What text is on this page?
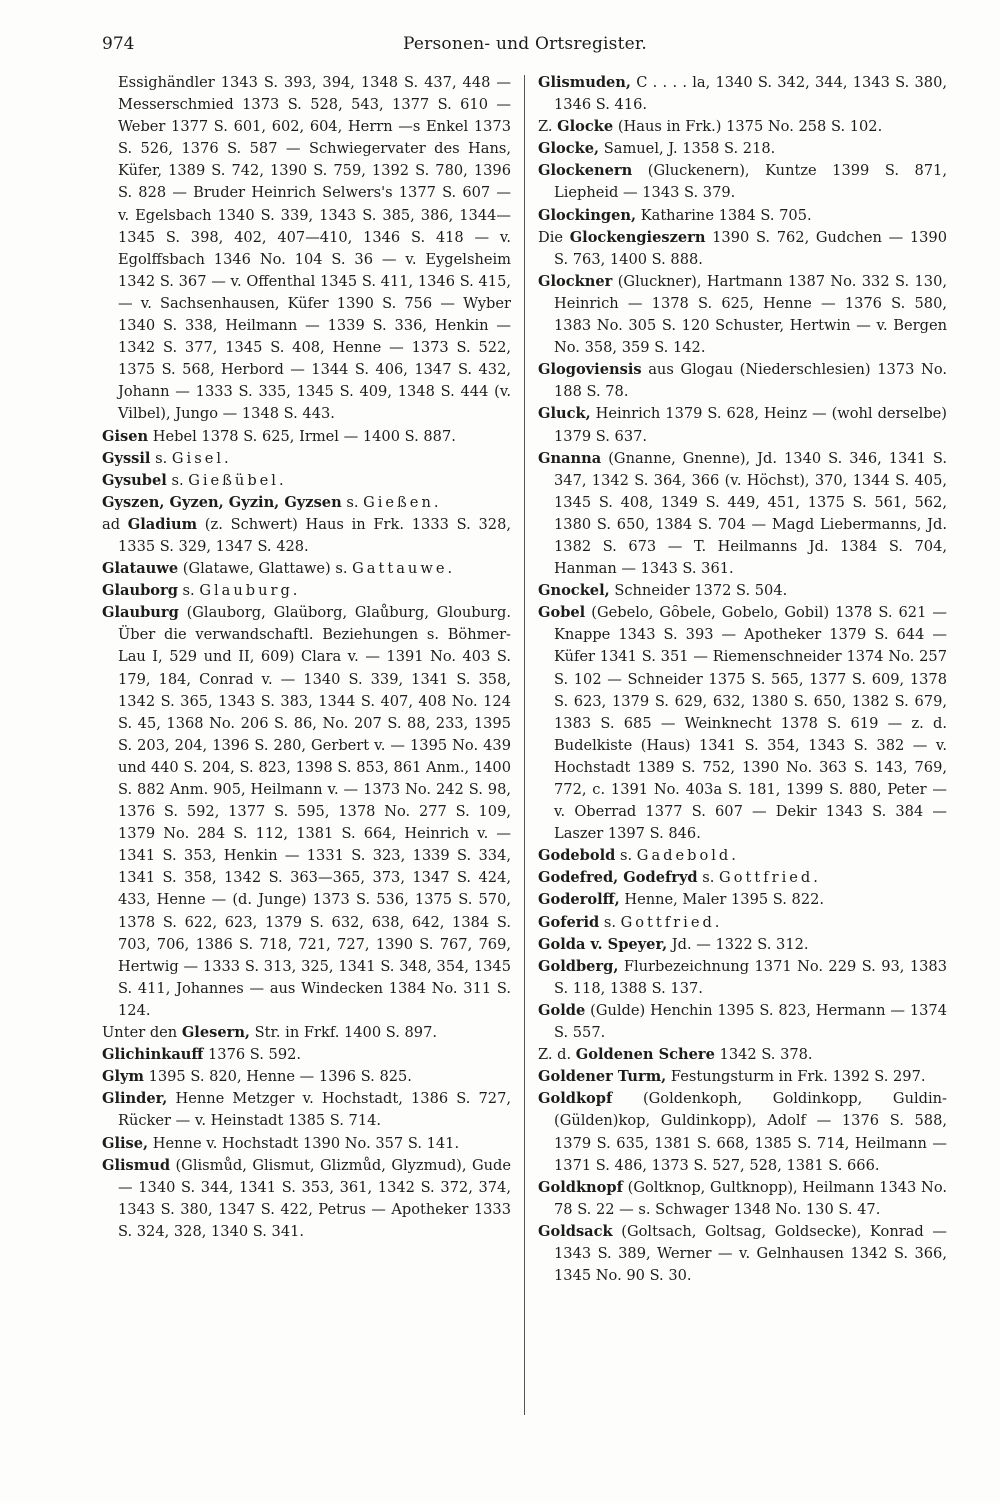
974	Personen- und Ortsregister.

Essighändler 1343 S. 393, 394, 1348 S. 437, 448 — Messerschmied 1373 S. 528, 543, 1377 S. 610 — Weber 1377 S. 601, 602, 604, Herrn —s Enkel 1373 S. 526, 1376 S. 587 — Schwiegervater des Hans, Küfer, 1389 S. 742, 1390 S. 759, 1392 S. 780, 1396 S. 828 — Bruder Heinrich Selwers's 1377 S. 607 — v. Egelsbach 1340 S. 339, 1343 S. 385, 386, 1344—1345 S. 398, 402, 407—410, 1346 S. 418 — v. Egolffsbach 1346 No. 104 S. 36 — v. Eygelsheim 1342 S. 367 — v. Offenthal 1345 S. 411, 1346 S. 415, — v. Sachsenhausen, Küfer 1390 S. 756 — Wyber 1340 S. 338, Heilmann — 1339 S. 336, Henkin — 1342 S. 377, 1345 S. 408, Henne — 1373 S. 522, 1375 S. 568, Herbord — 1344 S. 406, 1347 S. 432, Johann — 1333 S. 335, 1345 S. 409, 1348 S. 444 (v. Vilbel), Jungo — 1348 S. 443.

Gisen Hebel 1378 S. 625, Irmel — 1400 S. 887.

Gyssil s. Gisel.

Gysubel s. Gießübel.

Gyszen, Gyzen, Gyzin, Gyzsen s. Gießen.

ad Gladium (z. Schwert) Haus in Frk. 1333 S. 328, 1335 S. 329, 1347 S. 428.

Glatauwe (Glatawe, Glattawe) s. Gattauwe.

Glauborg s. Glauburg.

Glauburg (Glauborg, Glaüborg, Glaůburg, Glouburg. Über die verwandschaftl. Beziehungen s. Böhmer-Lau I, 529 und II, 609) Clara v. — 1391 No. 403 S. 179, 184, Conrad v. — 1340 S. 339, 1341 S. 358, 1342 S. 365, 1343 S. 383, 1344 S. 407, 408 No. 124 S. 45, 1368 No. 206 S. 86, No. 207 S. 88, 233, 1395 S. 203, 204, 1396 S. 280, Gerbert v. — 1395 No. 439 und 440 S. 204, S. 823, 1398 S. 853, 861 Anm., 1400 S. 882 Anm. 905, Heilmann v. — 1373 No. 242 S. 98, 1376 S. 592, 1377 S. 595, 1378 No. 277 S. 109, 1379 No. 284 S. 112, 1381 S. 664, Heinrich v. — 1341 S. 353, Henkin — 1331 S. 323, 1339 S. 334, 1341 S. 358, 1342 S. 363—365, 373, 1347 S. 424, 433, Henne — (d. Junge) 1373 S. 536, 1375 S. 570, 1378 S. 622, 623, 1379 S. 632, 638, 642, 1384 S. 703, 706, 1386 S. 718, 721, 727, 1390 S. 767, 769, Hertwig — 1333 S. 313, 325, 1341 S. 348, 354, 1345 S. 411, Johannes — aus Windecken 1384 No. 311 S. 124.

Unter den Glesern, Str. in Frkf. 1400 S. 897.

Glichinkauff 1376 S. 592.

Glym 1395 S. 820, Henne — 1396 S. 825.

Glinder, Henne Metzger v. Hochstadt, 1386 S. 727, Rücker — v. Heinstadt 1385 S. 714.

Glise, Henne v. Hochstadt 1390 No. 357 S. 141.

Glismud (Glismůd, Glismut, Glizmůd, Glyzmud), Gude — 1340 S. 344, 1341 S. 353, 361, 1342 S. 372, 374, 1343 S. 380, 1347 S. 422, Petrus — Apotheker 1333 S. 324, 328, 1340 S. 341.

Glismuden, C . . . . la, 1340 S. 342, 344, 1343 S. 380, 1346 S. 416.

Z. Glocke (Haus in Frk.) 1375 No. 258 S. 102.

Glocke, Samuel, J. 1358 S. 218.

Glockenern (Gluckenern), Kuntze 1399 S. 871, Liepheid — 1343 S. 379.

Glockingen, Katharine 1384 S. 705.

Die Glockengieszern 1390 S. 762, Gudchen — 1390 S. 763, 1400 S. 888.

Glockner (Gluckner), Hartmann 1387 No. 332 S. 130, Heinrich — 1378 S. 625, Henne — 1376 S. 580, 1383 No. 305 S. 120 Schuster, Hertwin — v. Bergen No. 358, 359 S. 142.

Glogoviensis aus Glogau (Niederschlesien) 1373 No. 188 S. 78.

Gluck, Heinrich 1379 S. 628, Heinz — (wohl derselbe) 1379 S. 637.

Gnanna (Gnanne, Gnenne), Jd. 1340 S. 346, 1341 S. 347, 1342 S. 364, 366 (v. Höchst), 370, 1344 S. 405, 1345 S. 408, 1349 S. 449, 451, 1375 S. 561, 562, 1380 S. 650, 1384 S. 704 — Magd Liebermanns, Jd. 1382 S. 673 — T. Heilmanns Jd. 1384 S. 704, Hanman — 1343 S. 361.

Gnockel, Schneider 1372 S. 504.

Gobel (Gebelo, Gȏbele, Gobelo, Gobil) 1378 S. 621 — Knappe 1343 S. 393 — Apotheker 1379 S. 644 — Küfer 1341 S. 351 — Riemenschneider 1374 No. 257 S. 102 — Schneider 1375 S. 565, 1377 S. 609, 1378 S. 623, 1379 S. 629, 632, 1380 S. 650, 1382 S. 679, 1383 S. 685 — Weinknecht 1378 S. 619 — z. d. Budelkiste (Haus) 1341 S. 354, 1343 S. 382 — v. Hochstadt 1389 S. 752, 1390 No. 363 S. 143, 769, 772, c. 1391 No. 403a S. 181, 1399 S. 880, Peter — v. Oberrad 1377 S. 607 — Dekir 1343 S. 384 —Laszer 1397 S. 846.

Godebold s. Gadebold.

Godefred, Godefryd s. Gottfried.

Goderolff, Henne, Maler 1395 S. 822.

Goferid s. Gottfried.

Golda v. Speyer, Jd. — 1322 S. 312.

Goldberg, Flurbezeichnung 1371 No. 229 S. 93, 1383 S. 118, 1388 S. 137.

Golde (Gulde) Henchin 1395 S. 823, Hermann — 1374 S. 557.

Z. d. Goldenen Schere 1342 S. 378.

Goldener Turm, Festungsturm in Frk. 1392 S. 297.

Goldkopf (Goldenkoph, Goldinkopp, Guldin-(Gülden)kop, Guldinkopp), Adolf — 1376 S. 588, 1379 S. 635, 1381 S. 668, 1385 S. 714, Heilmann — 1371 S. 486, 1373 S. 527, 528, 1381 S. 666.

Goldknopf (Goltknop, Gultknopp), Heilmann 1343 No. 78 S. 22 — s. Schwager 1348 No. 130 S. 47.

Goldsack (Goltsach, Goltsag, Goldsecke), Konrad — 1343 S. 389, Werner — v. Gelnhausen 1342 S. 366, 1345 No. 90 S. 30.
